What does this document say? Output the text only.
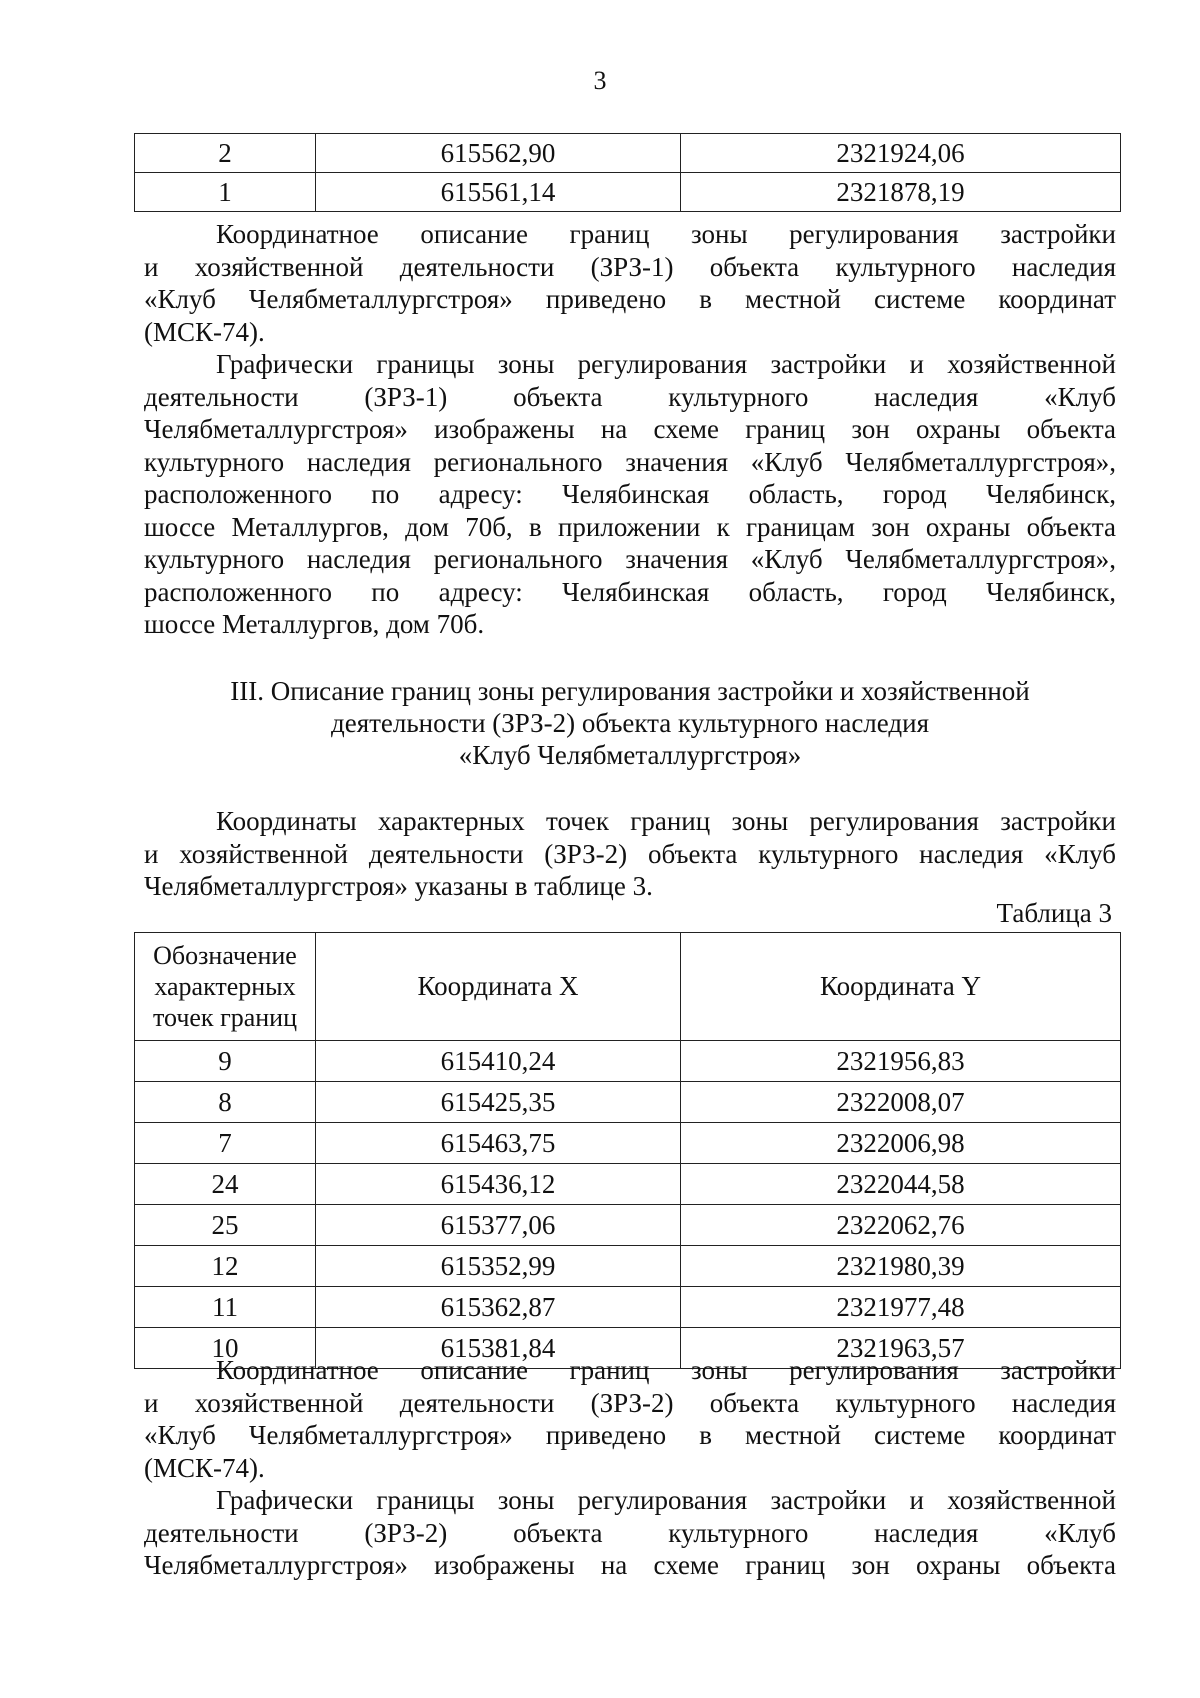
3
2	615562,90	2321924,06
1	615561,14	2321878,19

Координатное описание границ зоны регулирования застройки
и хозяйственной деятельности (ЗРЗ-1) объекта культурного наследия
«Клуб Челябметаллургстроя» приведено в местной системе координат
(МСК-74).

Графически границы зоны регулирования застройки и хозяйственной
деятельности (ЗРЗ-1) объекта культурного наследия «Клуб
Челябметаллургстроя» изображены на схеме границ зон охраны объекта
культурного наследия регионального значения «Клуб Челябметаллургстроя»,
расположенного по адресу: Челябинская область, город Челябинск,
шоссе Металлургов, дом 70б, в приложении к границам зон охраны объекта
культурного наследия регионального значения «Клуб Челябметаллургстроя»,
расположенного по адресу: Челябинская область, город Челябинск,
шоссе Металлургов, дом 70б.

III. Описание границ зоны регулирования застройки и хозяйственной
деятельности (ЗРЗ-2) объекта культурного наследия
«Клуб Челябметаллургстроя»

Координаты характерных точек границ зоны регулирования застройки
и хозяйственной деятельности (ЗРЗ-2) объекта культурного наследия «Клуб
Челябметаллургстроя» указаны в таблице 3.

Таблица 3
Обозначение
характерных
точек границ	Координата X	Координата Y
9	615410,24	2321956,83
8	615425,35	2322008,07
7	615463,75	2322006,98
24	615436,12	2322044,58
25	615377,06	2322062,76
12	615352,99	2321980,39
11	615362,87	2321977,48
10	615381,84	2321963,57

Координатное описание границ зоны регулирования застройки
и хозяйственной деятельности (ЗРЗ-2) объекта культурного наследия
«Клуб Челябметаллургстроя» приведено в местной системе координат
(МСК-74).

Графически границы зоны регулирования застройки и хозяйственной
деятельности (ЗРЗ-2) объекта культурного наследия «Клуб
Челябметаллургстроя» изображены на схеме границ зон охраны объекта
